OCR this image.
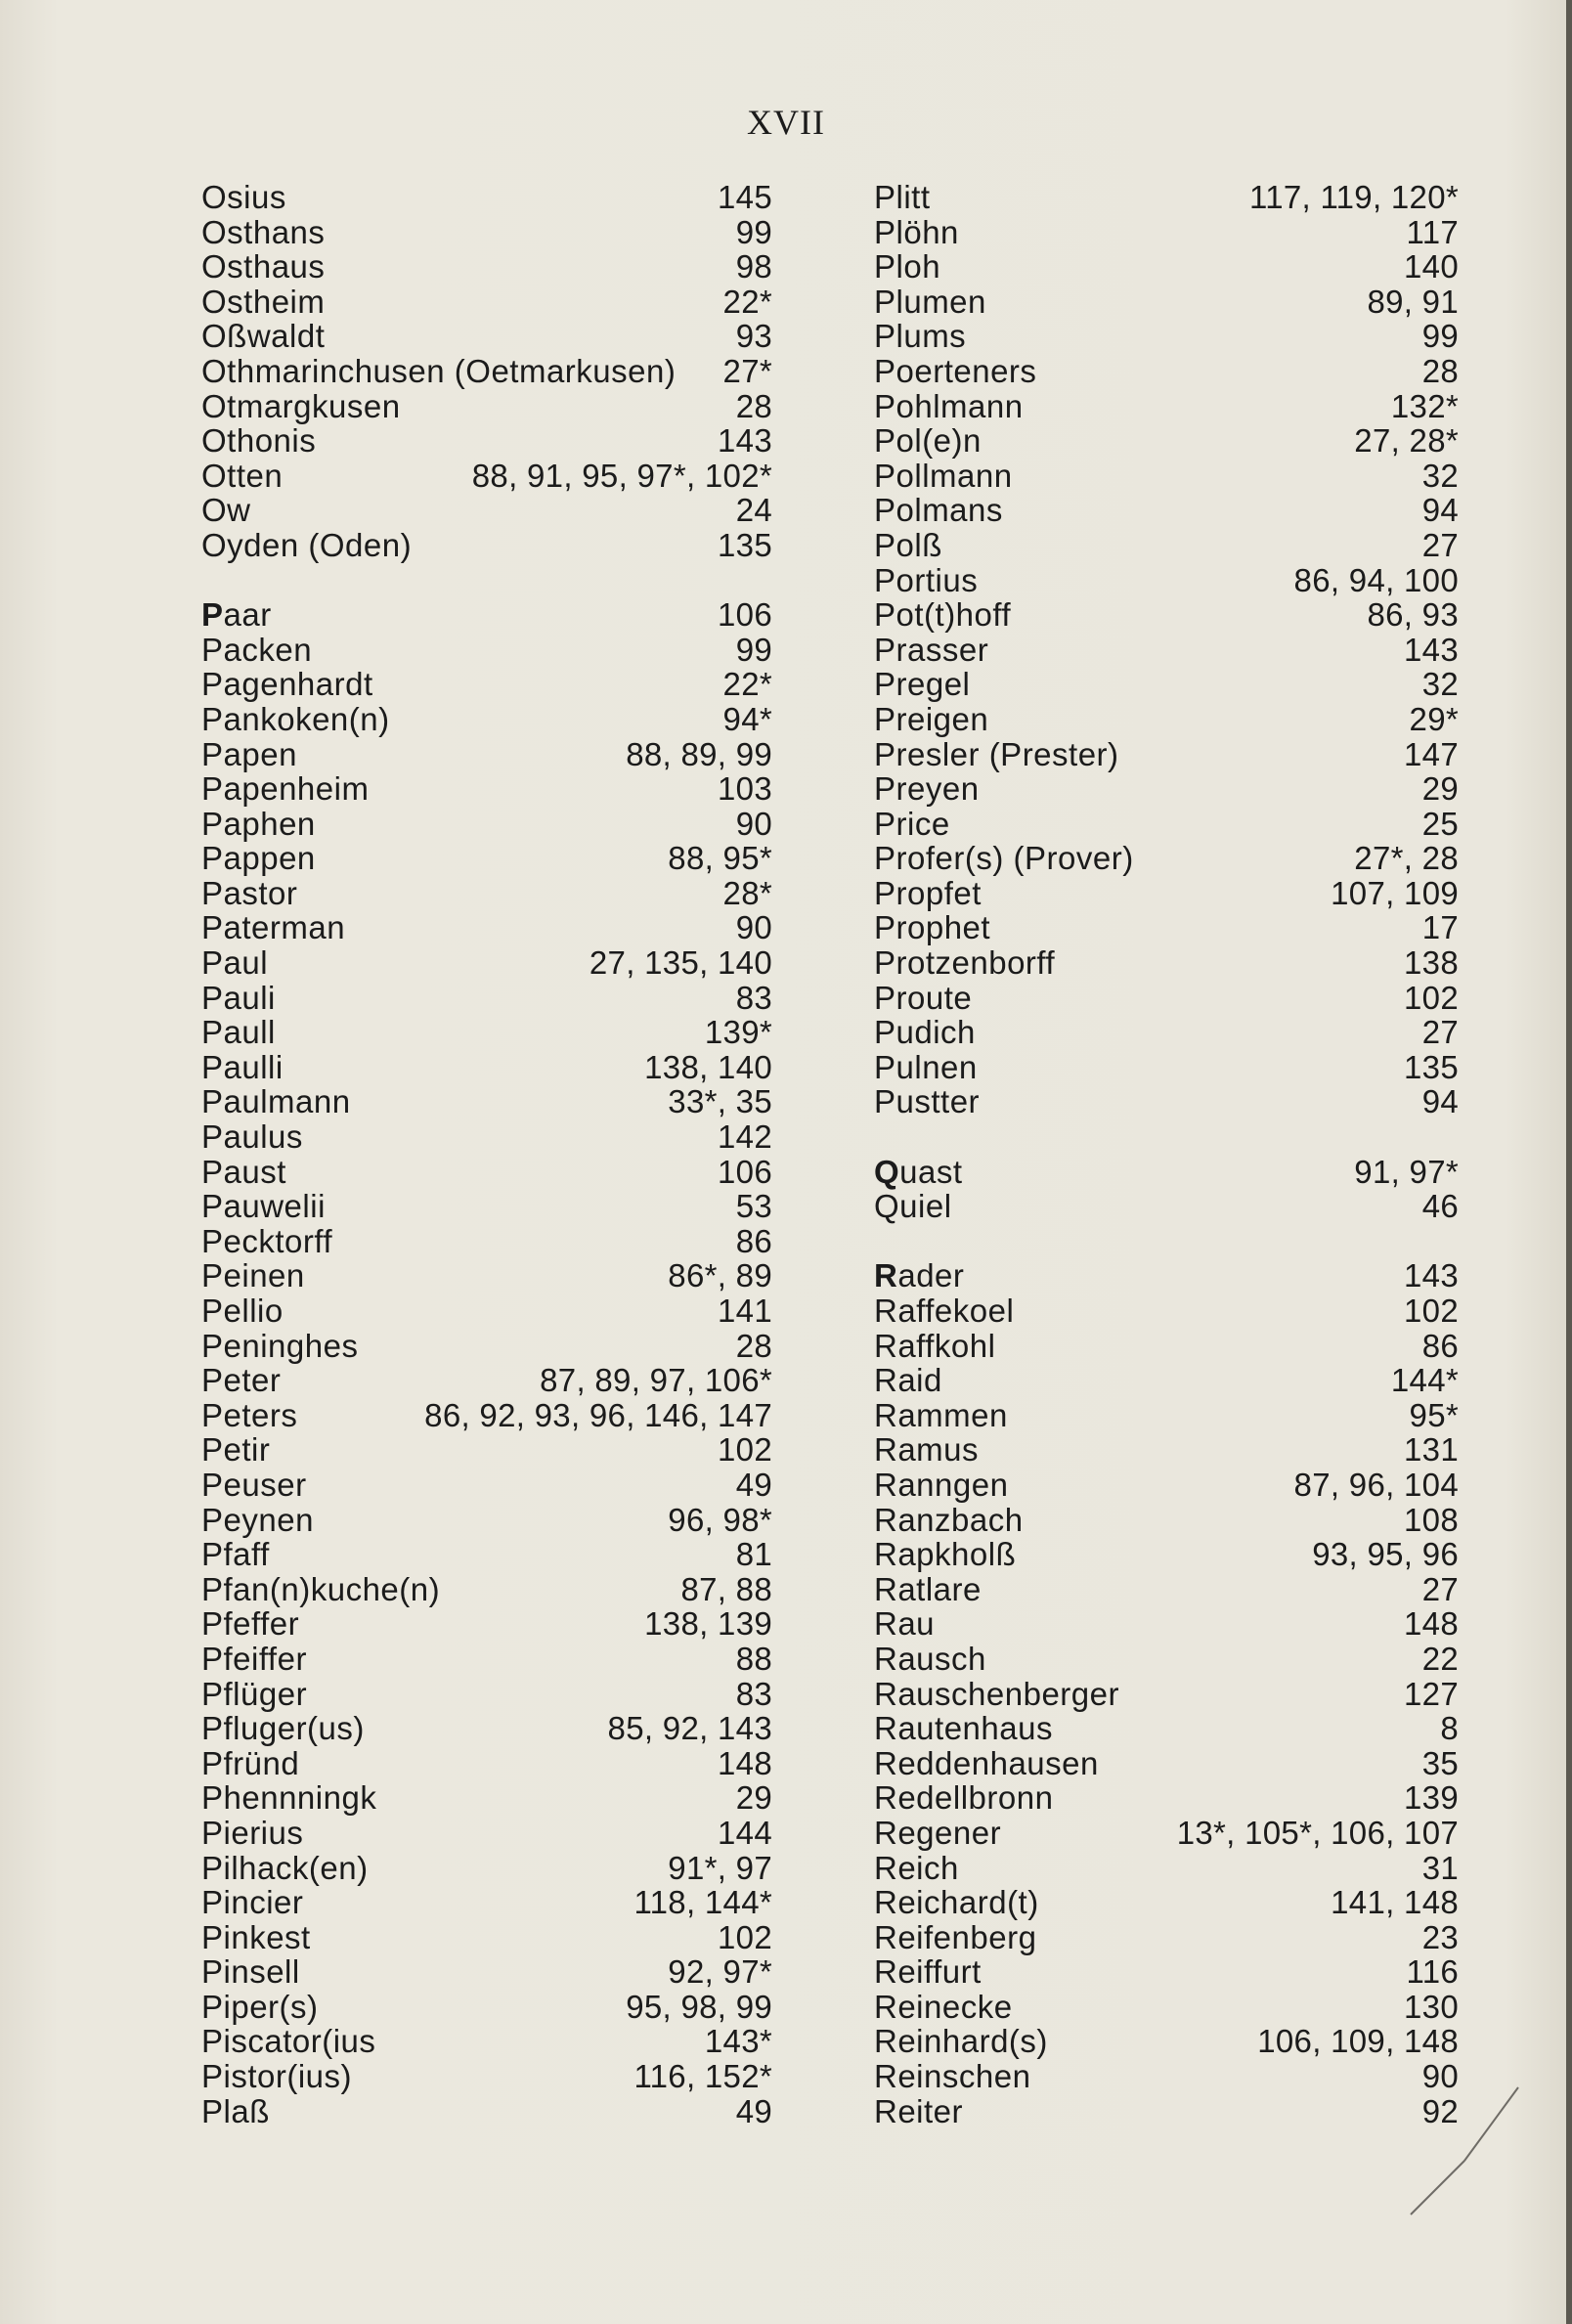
XVII
Osius	145
Osthans	99
Osthaus	98
Ostheim	22*
Oßwaldt	93
Othmarinchusen (Oetmarkusen) 27*
Otmargkusen	28
Othonis	143
Otten	88, 91, 95, 97*, 102*
Ow	24
Oyden (Oden)	135
Paar	106
Packen	99
Pagenhardt	22*
Pankoken(n)	94*
Papen	88, 89, 99
Papenheim	103
Paphen	90
Pappen	88, 95*
Pastor	28*
Paterman	90
Paul	27, 135, 140
Pauli	83
Paull	139*
Paulli	138, 140
Paulmann	33*, 35
Paulus	142
Paust	106
Pauwelii	53
Pecktorff	86
Peinen	86*, 89
Pellio	141
Peninghes	28
Peter	87, 89, 97, 106*
Peters	86, 92, 93, 96, 146, 147
Petir	102
Peuser	49
Peynen	96, 98*
Pfaff	81
Pfan(n)kuche(n)	87, 88
Pfeffer	138, 139
Pfeiffer	88
Pflüger	83
Pfluger(us)	85, 92, 143
Pfründ	148
Phennningk	29
Pierius	144
Pilhack(en)	91*, 97
Pincier	118, 144*
Pinkest	102
Pinsell	92, 97*
Piper(s)	95, 98, 99
Piscator(ius	143*
Pistor(ius)	116, 152*
Plaß	49
Plitt	117, 119, 120*
Plöhn	117
Ploh	140
Plumen	89, 91
Plums	99
Poerteners	28
Pohlmann	132*
Pol(e)n	27, 28*
Pollmann	32
Polmans	94
Polß	27
Portius	86, 94, 100
Pot(t)hoff	86, 93
Prasser	143
Pregel	32
Preigen	29*
Presler (Prester)	147
Preyen	29
Price	25
Profer(s) (Prover)	27*, 28
Propfet	107, 109
Prophet	17
Protzenborff	138
Proute	102
Pudich	27
Pulnen	135
Pustter	94
Quast	91, 97*
Quiel	46
Rader	143
Raffekoel	102
Raffkohl	86
Raid	144*
Rammen	95*
Ramus	131
Ranngen	87, 96, 104
Ranzbach	108
Rapkholß	93, 95, 96
Ratlare	27
Rau	148
Rausch	22
Rauschenberger	127
Rautenhaus	8
Reddenhausen	35
Redellbronn	139
Regener	13*, 105*, 106, 107
Reich	31
Reichard(t)	141, 148
Reifenberg	23
Reiffurt	116
Reinecke	130
Reinhard(s)	106, 109, 148
Reinschen	90
Reiter	92
